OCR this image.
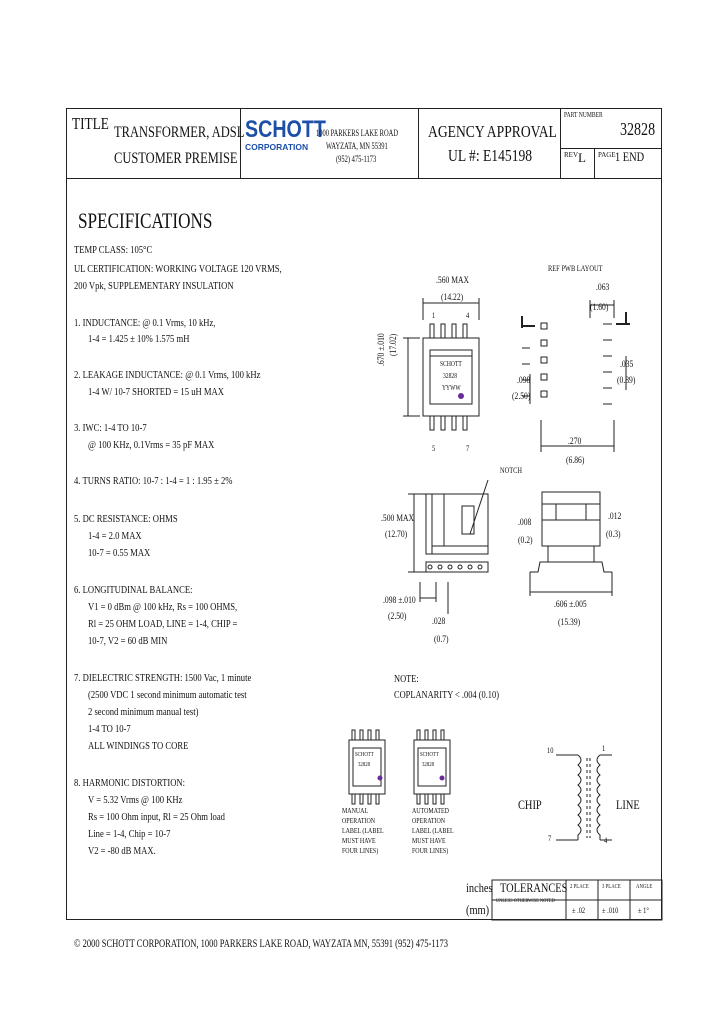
TITLE TRANSFORMER, ADSL
CUSTOMER PREMISE
SCHOTT
CORPORATION
1000 PARKERS LAKE ROAD
WAYZATA, MN 55391
(952) 475-1173
AGENCY APPROVAL
UL #: E145198
PART NUMBER
32828
REV L PAGE 1 END
SPECIFICATIONS
TEMP CLASS: 105°C
UL CERTIFICATION: WORKING VOLTAGE 120 VRMS,
200 Vpk, SUPPLEMENTARY INSULATION
1. INDUCTANCE: @ 0.1 Vrms, 10 kHz,
1-4 = 1.425 ± 10% 1.575 mH
2. LEAKAGE INDUCTANCE: @ 0.1 Vrms, 100 kHz
1-4 W/ 10-7 SHORTED = 15 uH MAX
3. IWC: 1-4 TO 10-7
@ 100 KHz, 0.1Vrms = 35 pF MAX
4. TURNS RATIO: 10-7 : 1-4 = 1 : 1.95 ± 2%
5. DC RESISTANCE: OHMS
1-4 = 2.0 MAX
10-7 = 0.55 MAX
6. LONGITUDINAL BALANCE:
V1 = 0 dBm @ 100 kHz, Rs = 100 OHMS,
Rl = 25 OHM LOAD, LINE = 1-4, CHIP =
10-7, V2 = 60 dB MIN
7. DIELECTRIC STRENGTH: 1500 Vac, 1 minute
(2500 VDC 1 second minimum automatic test
2 second minimum manual test)
1-4 TO 10-7
ALL WINDINGS TO CORE
8. HARMONIC DISTORTION:
V = 5.32 Vrms @ 100 KHz
Rs = 100 Ohm input, Rl = 25 Ohm load
Line = 1-4, Chip = 10-7
V2 = -80 dB MAX.
REF PWB LAYOUT
.560 MAX
(14.22)
.670 ±.010 (17.02)
.098
(2.50)
.063
(1.60)
.035
(0.89)
.270
(6.86)
1	4
5	7
SCHOTT
32828
YYWW
NOTCH
.500 MAX
(12.70)
.098 ±.010
(2.50)	.028
(0.7)
.008
(0.2)
.012
(0.3)
.606 ±.005
(15.39)
NOTE:
COPLANARITY < .004 (0.10)
SCHOTT
32828
SCHOTT
32828
MANUAL OPERATION LABEL (LABEL MUST HAVE FOUR LINES)
AUTOMATED OPERATION LABEL (LABEL MUST HAVE FOUR LINES)
CHIP	LINE
10	1
7	4
inches
(mm)
TOLERANCES
UNLESS OTHERWISE NOTED
2 PLACE 3 PLACE	ANGLE
± .02 ± .010 ± 1°
© 2000 SCHOTT CORPORATION, 1000 PARKERS LAKE ROAD, WAYZATA MN, 55391 (952) 475-1173
